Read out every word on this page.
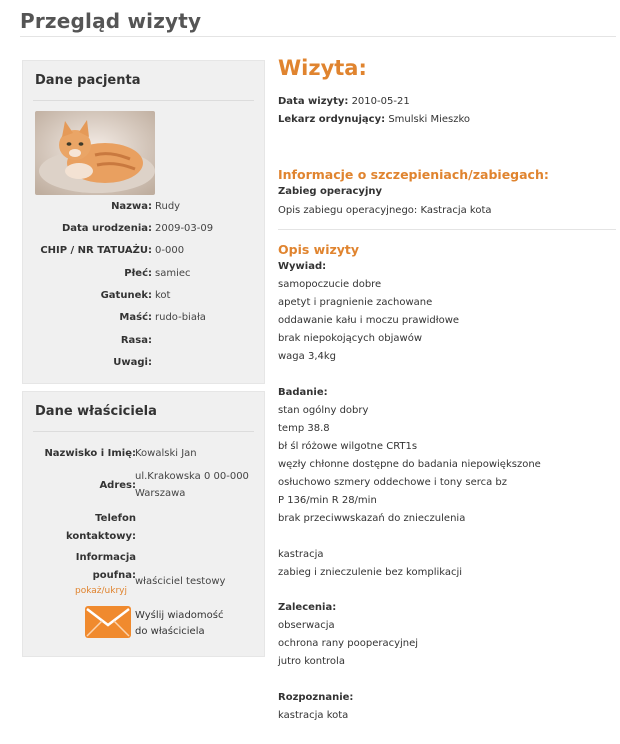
Przegląd wizyty
Dane pacjenta
Nazwa: Rudy
Data urodzenia: 2009-03-09
CHIP / NR TATUAŻU: 0-000
Płeć: samiec
Gatunek: kot
Maść: rudo-biała
Rasa:
Uwagi:
Dane właściciela
Nazwisko i Imię: Kowalski Jan
Adres:
ul.Krakowska 0 00-000
Warszawa
Telefon
kontaktowy:
Informacja
poufna:
właściciel testowy
pokaż/ukryj
Wyślij wiadomość
do właściciela
Wizyta:
Data wizyty: 2010-05-21
Lekarz ordynujący: Smulski Mieszko
Informacje o szczepieniach/zabiegach:
Zabieg operacyjny
Opis zabiegu operacyjnego: Kastracja kota
Opis wizyty
Wywiad:
samopoczucie dobre
apetyt i pragnienie zachowane
oddawanie kału i moczu prawidłowe
brak niepokojących objawów
waga 3,4kg
Badanie:
stan ogólny dobry
temp 38.8
bł śl różowe wilgotne CRT1s
węzły chłonne dostępne do badania niepowiększone
osłuchowo szmery oddechowe i tony serca bz
P 136/min R 28/min
brak przeciwwskazań do znieczulenia
kastracja
zabieg i znieczulenie bez komplikacji
Zalecenia:
obserwacja
ochrona rany pooperacyjnej
jutro kontrola
Rozpoznanie:
kastracja kota
